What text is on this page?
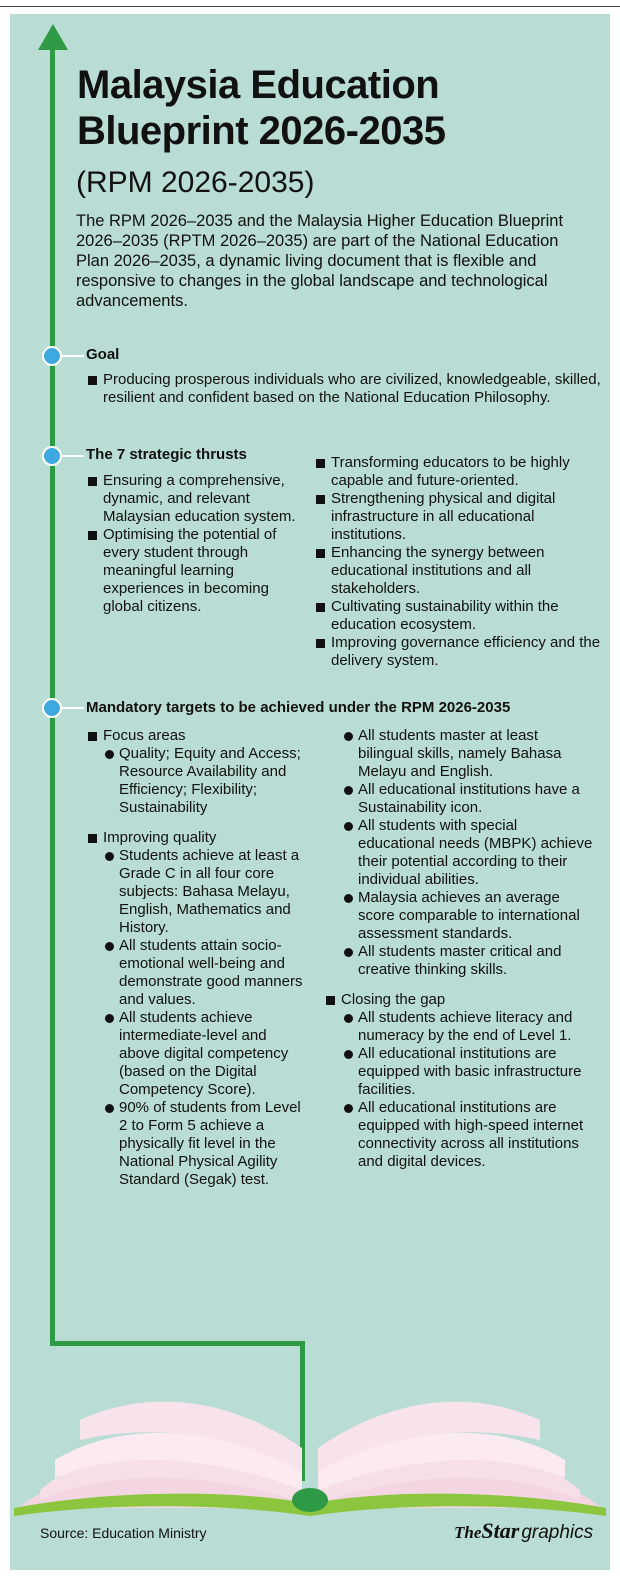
Malaysia Education
Blueprint 2026-2035
(RPM 2026-2035)
The RPM 2026–2035 and the Malaysia Higher Education Blueprint 2026–2035 (RPTM 2026–2035) are part of the National Education Plan 2026–2035, a dynamic living document that is flexible and responsive to changes in the global landscape and technological advancements.
Goal
Producing prosperous individuals who are civilized, knowledgeable, skilled, resilient and confident based on the National Education Philosophy.
The 7 strategic thrusts
Ensuring a comprehensive, dynamic, and relevant Malaysian education system.
Optimising the potential of every student through meaningful learning experiences in becoming global citizens.
Transforming educators to be highly capable and future-oriented.
Strengthening physical and digital infrastructure in all educational institutions.
Enhancing the synergy between educational institutions and all stakeholders.
Cultivating sustainability within the education ecosystem.
Improving governance efficiency and the delivery system.
Mandatory targets to be achieved under the RPM 2026-2035
Focus areas
Quality; Equity and Access; Resource Availability and Efficiency; Flexibility; Sustainability
Improving quality
Students achieve at least a Grade C in all four core subjects: Bahasa Melayu, English, Mathematics and History.
All students attain socio-emotional well-being and demonstrate good manners and values.
All students achieve intermediate-level and above digital competency (based on the Digital Competency Score).
90% of students from Level 2 to Form 5 achieve a physically fit level in the National Physical Agility Standard (Segak) test.
All students master at least bilingual skills, namely Bahasa Melayu and English.
All educational institutions have a Sustainability icon.
All students with special educational needs (MBPK) achieve their potential according to their individual abilities.
Malaysia achieves an average score comparable to international assessment standards.
All students master critical and creative thinking skills.
Closing the gap
All students achieve literacy and numeracy by the end of Level 1.
All educational institutions are equipped with basic infrastructure facilities.
All educational institutions are equipped with high-speed internet connectivity across all institutions and digital devices.
Source: Education Ministry	TheStar graphics
